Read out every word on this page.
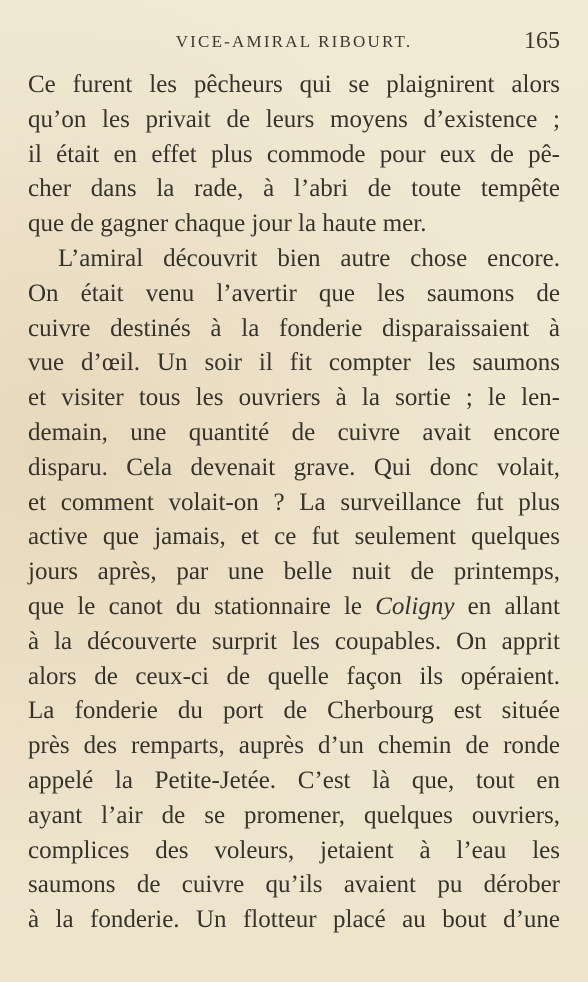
VICE-AMIRAL RIBOURT.	165
Ce furent les pêcheurs qui se plaignirent alors
qu’on les privait de leurs moyens d’existence ;
il était en effet plus commode pour eux de pê-
cher dans la rade, à l’abri de toute tempête
que de gagner chaque jour la haute mer.
L’amiral découvrit bien autre chose encore.
On était venu l’avertir que les saumons de
cuivre destinés à la fonderie disparaissaient à
vue d’œil. Un soir il fit compter les saumons
et visiter tous les ouvriers à la sortie ; le len-
demain, une quantité de cuivre avait encore
disparu. Cela devenait grave. Qui donc volait,
et comment volait-on ? La surveillance fut plus
active que jamais, et ce fut seulement quelques
jours après, par une belle nuit de printemps,
que le canot du stationnaire le Coligny en allant
à la découverte surprit les coupables. On apprit
alors de ceux-ci de quelle façon ils opéraient.
La fonderie du port de Cherbourg est située
près des remparts, auprès d’un chemin de ronde
appelé la Petite-Jetée. C’est là que, tout en
ayant l’air de se promener, quelques ouvriers,
complices des voleurs, jetaient à l’eau les
saumons de cuivre qu’ils avaient pu dérober
à la fonderie. Un flotteur placé au bout d’une
